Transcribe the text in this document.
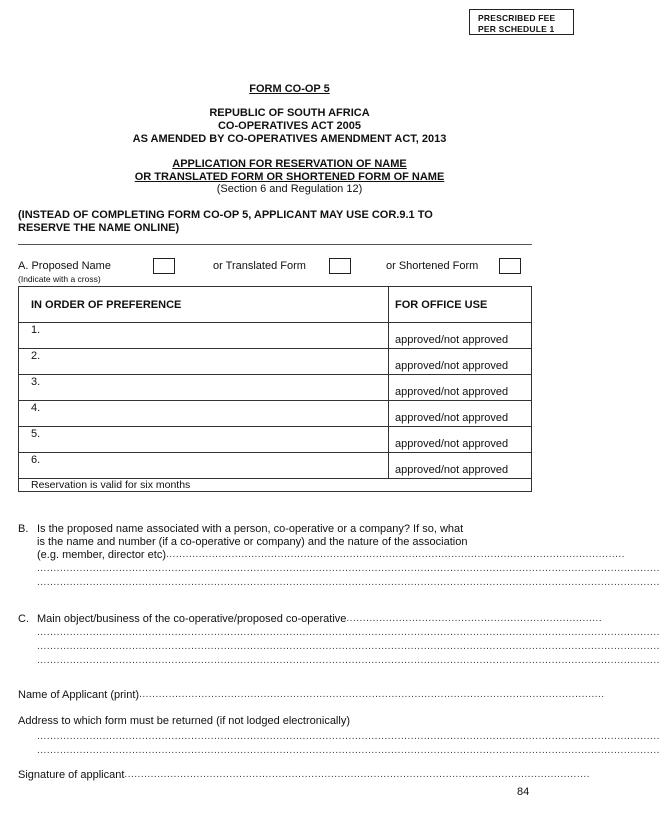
PRESCRIBED FEE
PER SCHEDULE 1
FORM CO-OP 5
REPUBLIC OF SOUTH AFRICA
CO-OPERATIVES ACT 2005
AS AMENDED BY CO-OPERATIVES AMENDMENT ACT, 2013
APPLICATION FOR RESERVATION OF NAME
OR TRANSLATED FORM OR SHORTENED FORM OF NAME
(Section 6 and Regulation 12)
(INSTEAD OF COMPLETING FORM CO-OP 5, APPLICANT MAY USE COR.9.1 TO
RESERVE THE NAME ONLINE)
A. Proposed Name
(Indicate with a cross)
or Translated Form	or Shortened Form
IN ORDER OF PREFERENCE	FOR OFFICE USE

1.	approved/not approved

2.	approved/not approved

3.	approved/not approved

4.	approved/not approved

5.	approved/not approved

6.	approved/not approved

Reservation is valid for six months	
B. Is the proposed name associated with a person, co-operative or a company? If so, what
is the name and number (if a co-operative or company) and the nature of the association
(e.g. member, director etc) ............................................................................................................................................
..............................................................................................................................................................................................
..............................................................................................................................................................................................
C. Main object/business of the co-operative/proposed co-operative ..............................................................................
..............................................................................................................................................................................................
..............................................................................................................................................................................................
..............................................................................................................................................................................................
Name of Applicant (print) ..............................................................................................................................................
Address to which form must be returned (if not lodged electronically)
..............................................................................................................................................................................................
..............................................................................................................................................................................................
Signature of applicant ..............................................................................................................................................
84
